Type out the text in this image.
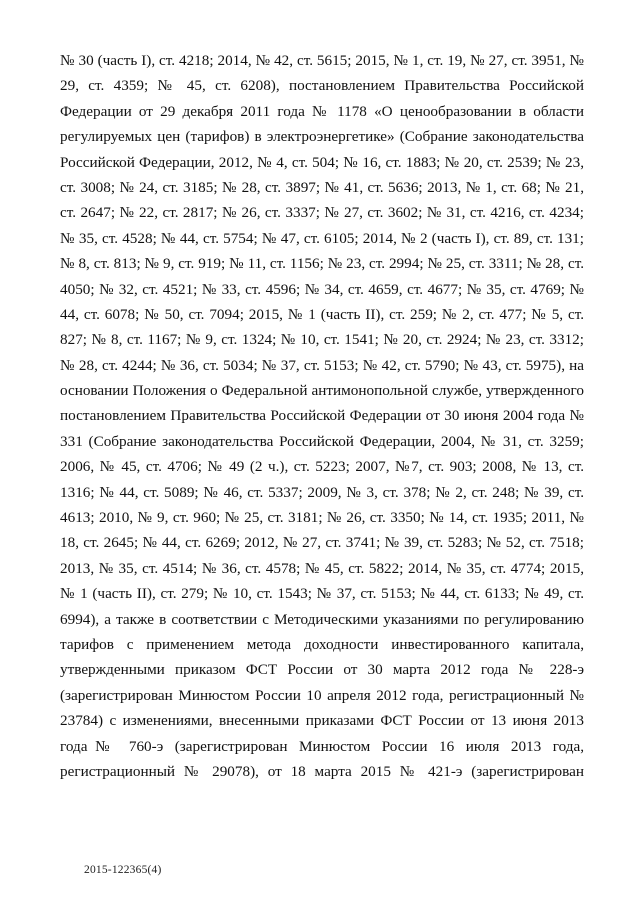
№ 30 (часть I), ст. 4218; 2014, № 42, ст. 5615; 2015, № 1, ст. 19, № 27, ст. 3951, №
29, ст. 4359; № 45, ст. 6208), постановлением Правительства Российской
Федерации от 29 декабря 2011 года № 1178 «О ценообразовании в области
регулируемых цен (тарифов) в электроэнергетике» (Собрание законодательства
Российской Федерации, 2012, № 4, ст. 504; № 16, ст. 1883; № 20, ст. 2539; № 23,
ст. 3008; № 24, ст. 3185; № 28, ст. 3897; № 41, ст. 5636; 2013, № 1, ст. 68; № 21,
ст. 2647; № 22, ст. 2817; № 26, ст. 3337; № 27, ст. 3602; № 31, ст. 4216, ст. 4234;
№ 35, ст. 4528; № 44, ст. 5754; № 47, ст. 6105; 2014, № 2 (часть I), ст. 89, ст. 131;
№ 8, ст. 813; № 9, ст. 919; № 11, ст. 1156; № 23, ст. 2994; № 25, ст. 3311; № 28, ст.
4050; № 32, ст. 4521; № 33, ст. 4596; № 34, ст. 4659, ст. 4677; № 35, ст. 4769; №
44, ст. 6078; № 50, ст. 7094; 2015, № 1 (часть II), ст. 259; № 2, ст. 477; № 5, ст.
827; № 8, ст. 1167; № 9, ст. 1324; № 10, ст. 1541; № 20, ст. 2924; № 23, ст. 3312;
№ 28, ст. 4244; № 36, ст. 5034; № 37, ст. 5153; № 42, ст. 5790; № 43, ст. 5975), на
основании Положения о Федеральной антимонопольной службе, утвержденного
постановлением Правительства Российской Федерации от 30 июня 2004 года №
331 (Собрание законодательства Российской Федерации, 2004, № 31, ст. 3259;
2006, № 45, ст. 4706; № 49 (2 ч.), ст. 5223; 2007, №7, ст. 903; 2008, № 13, ст.
1316; № 44, ст. 5089; № 46, ст. 5337; 2009, № 3, ст. 378; № 2, ст. 248; № 39, ст.
4613; 2010, № 9, ст. 960; № 25, ст. 3181; № 26, ст. 3350; № 14, ст. 1935; 2011, №
18, ст. 2645; № 44, ст. 6269; 2012, № 27, ст. 3741; № 39, ст. 5283; № 52, ст. 7518;
2013, № 35, ст. 4514; № 36, ст. 4578; № 45, ст. 5822; 2014, № 35, ст. 4774; 2015,
№ 1 (часть II), ст. 279; № 10, ст. 1543; № 37, ст. 5153; № 44, ст. 6133; № 49, ст.
6994), а также в соответствии с Методическими указаниями по регулированию
тарифов с применением метода доходности инвестированного капитала,
утвержденными приказом ФСТ России от 30 марта 2012 года № 228-э
(зарегистрирован Минюстом России 10 апреля 2012 года, регистрационный №
23784) с изменениями, внесенными приказами ФСТ России от 13 июня 2013
года№ 760-э (зарегистрирован Минюстом России 16 июля 2013 года,
регистрационный № 29078), от 18 марта 2015 № 421-э (зарегистрирован
2015-122365(4)
